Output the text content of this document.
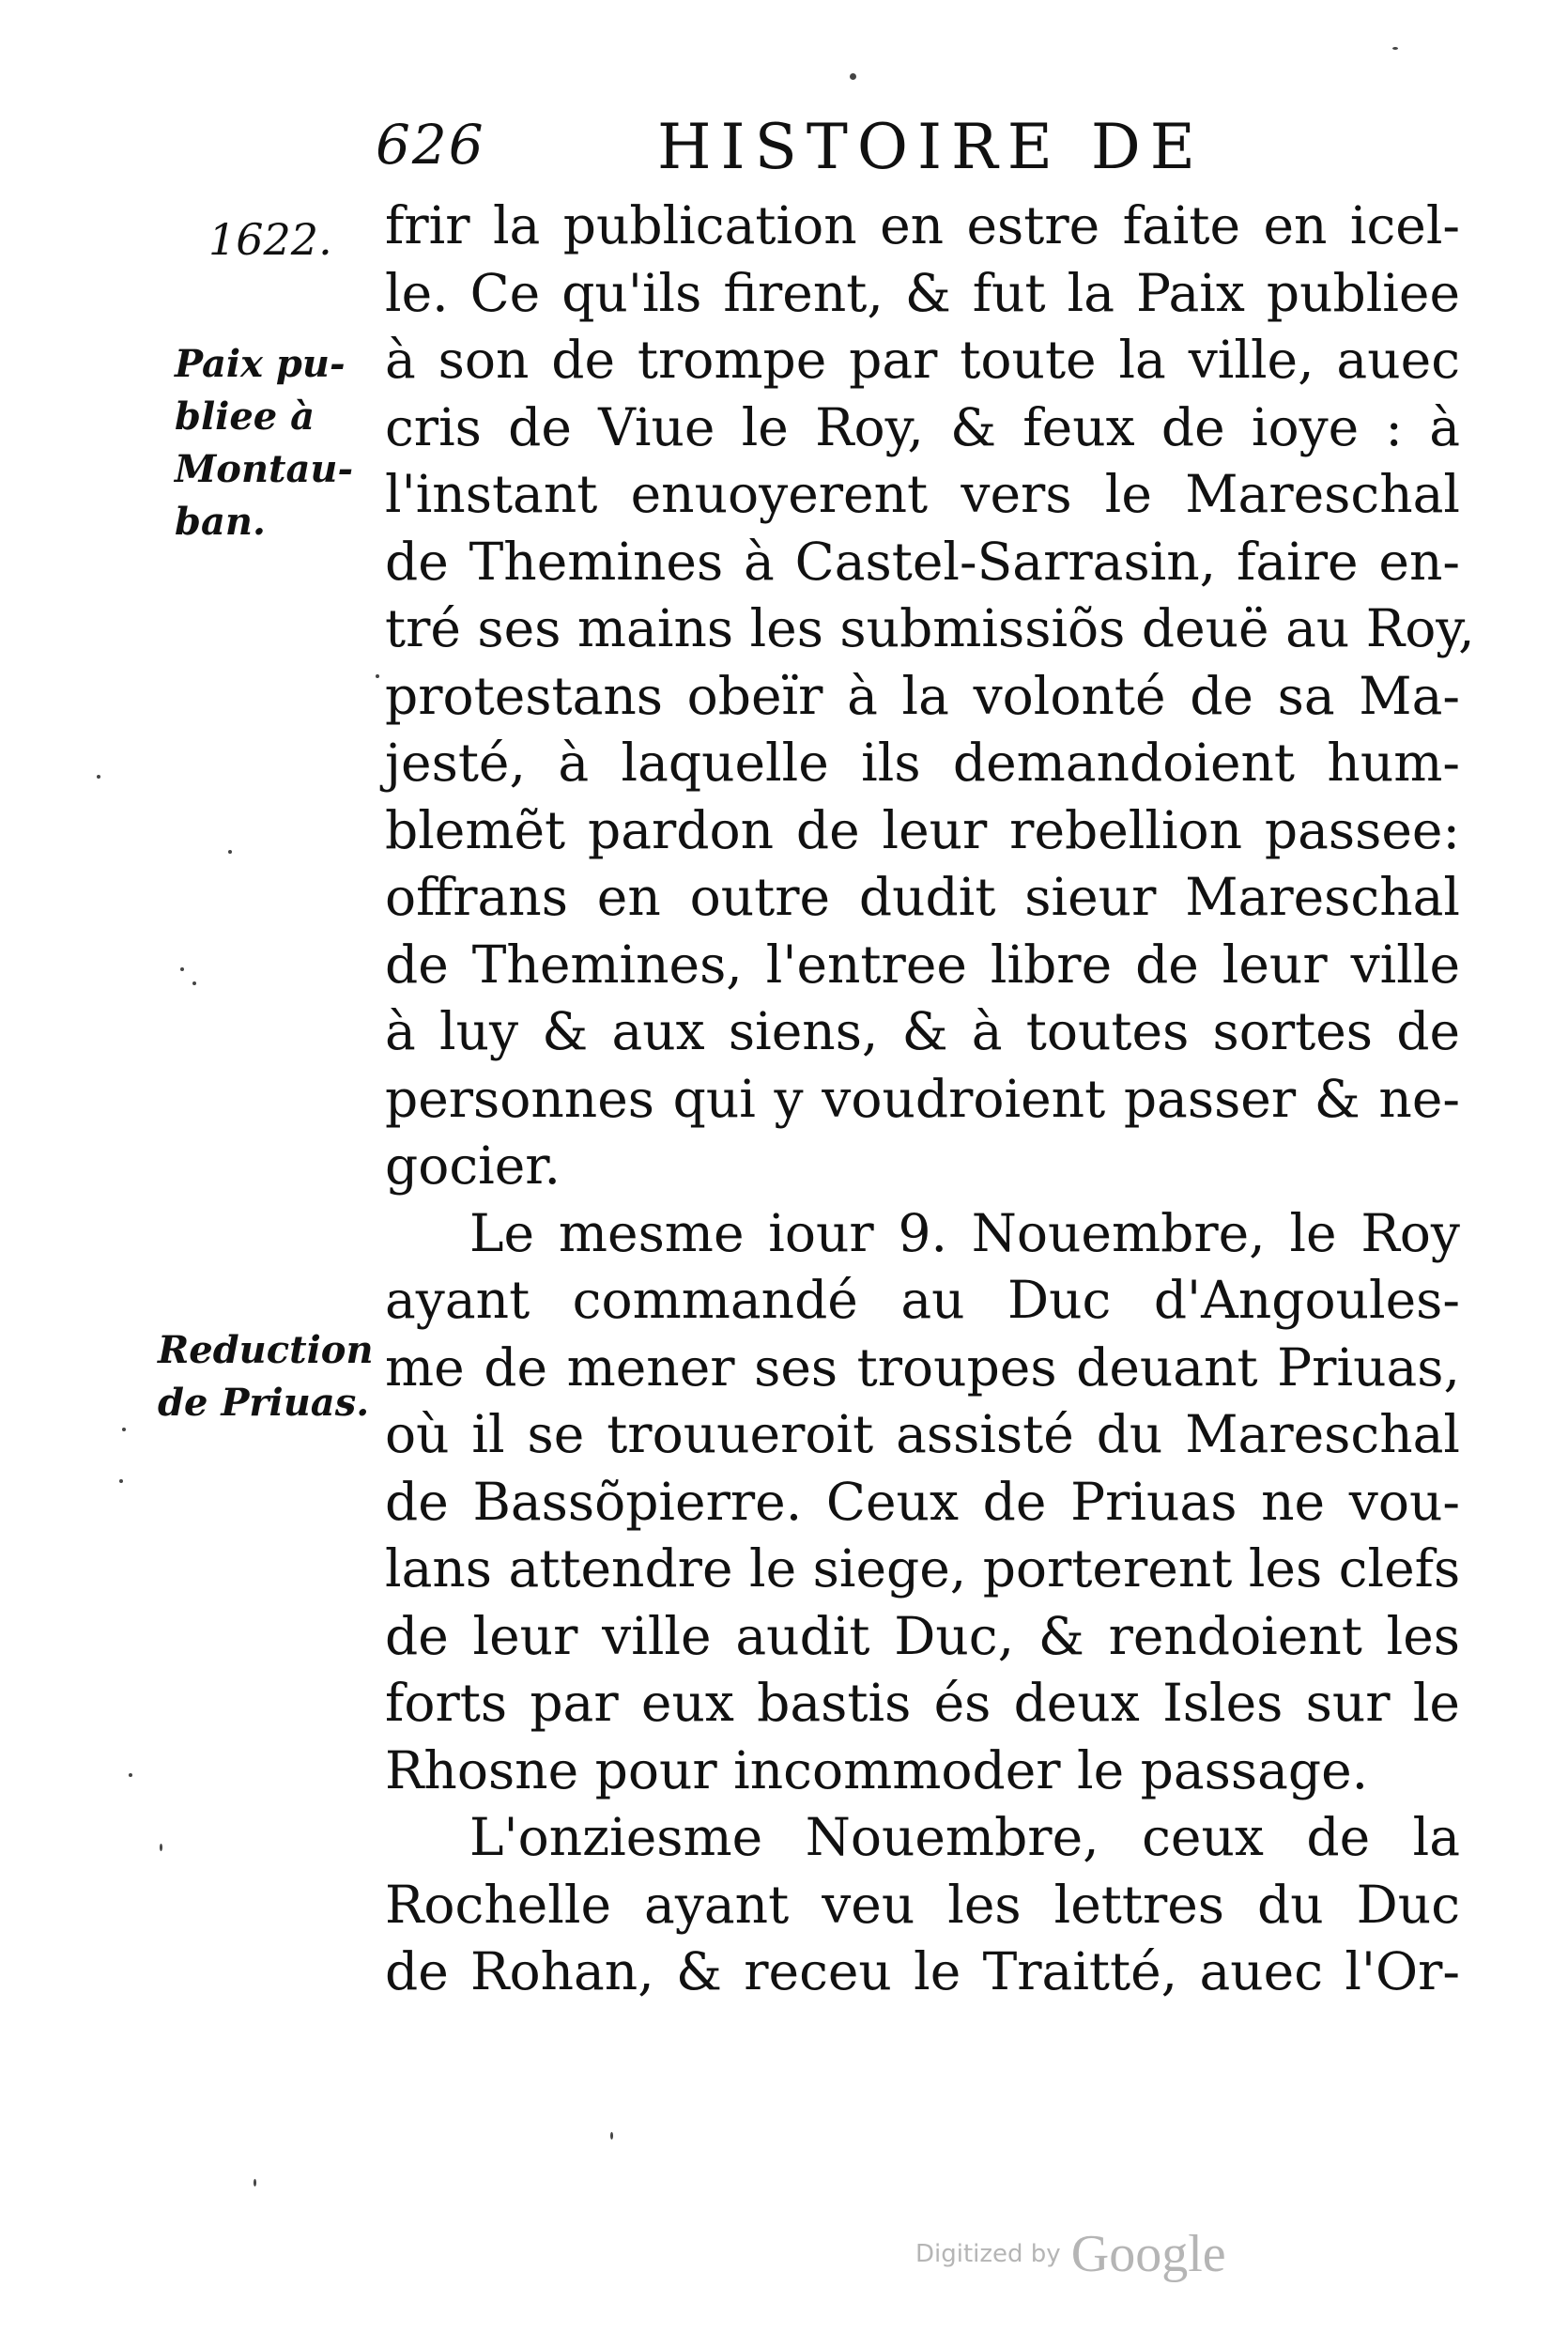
626	HISTOIRE DE
1622.
Paix pu-
bliee à
Montau-
ban.
Reduction
de Priuas.
frir la publication en estre faite en icel-
le. Ce qu'ils firent, & fut la Paix publiee
à son de trompe par toute la ville, auec
cris de Viue le Roy, & feux de ioye : à
l'instant enuoyerent vers le Mareschal
de Themines à Castel-Sarrasin, faire en-
tré ses mains les submissiõs deuë au Roy,
protestans obeïr à la volonté de sa Ma-
jesté, à laquelle ils demandoient hum-
blemẽt pardon de leur rebellion passee:
offrans en outre dudit sieur Mareschal
de Themines, l'entree libre de leur ville
à luy & aux siens, & à toutes sortes de
personnes qui y voudroient passer & ne-
gocier.
Le mesme iour 9. Nouembre, le Roy
ayant commandé au Duc d'Angoules-
me de mener ses troupes deuant Priuas,
où il se trouueroit assisté du Mareschal
de Bassõpierre. Ceux de Priuas ne vou-
lans attendre le siege, porterent les clefs
de leur ville audit Duc, & rendoient les
forts par eux bastis és deux Isles sur le
Rhosne pour incommoder le passage.
L'onziesme Nouembre, ceux de la
Rochelle ayant veu les lettres du Duc
de Rohan, & receu le Traitté, auec l'Or-
Digitized by Google
